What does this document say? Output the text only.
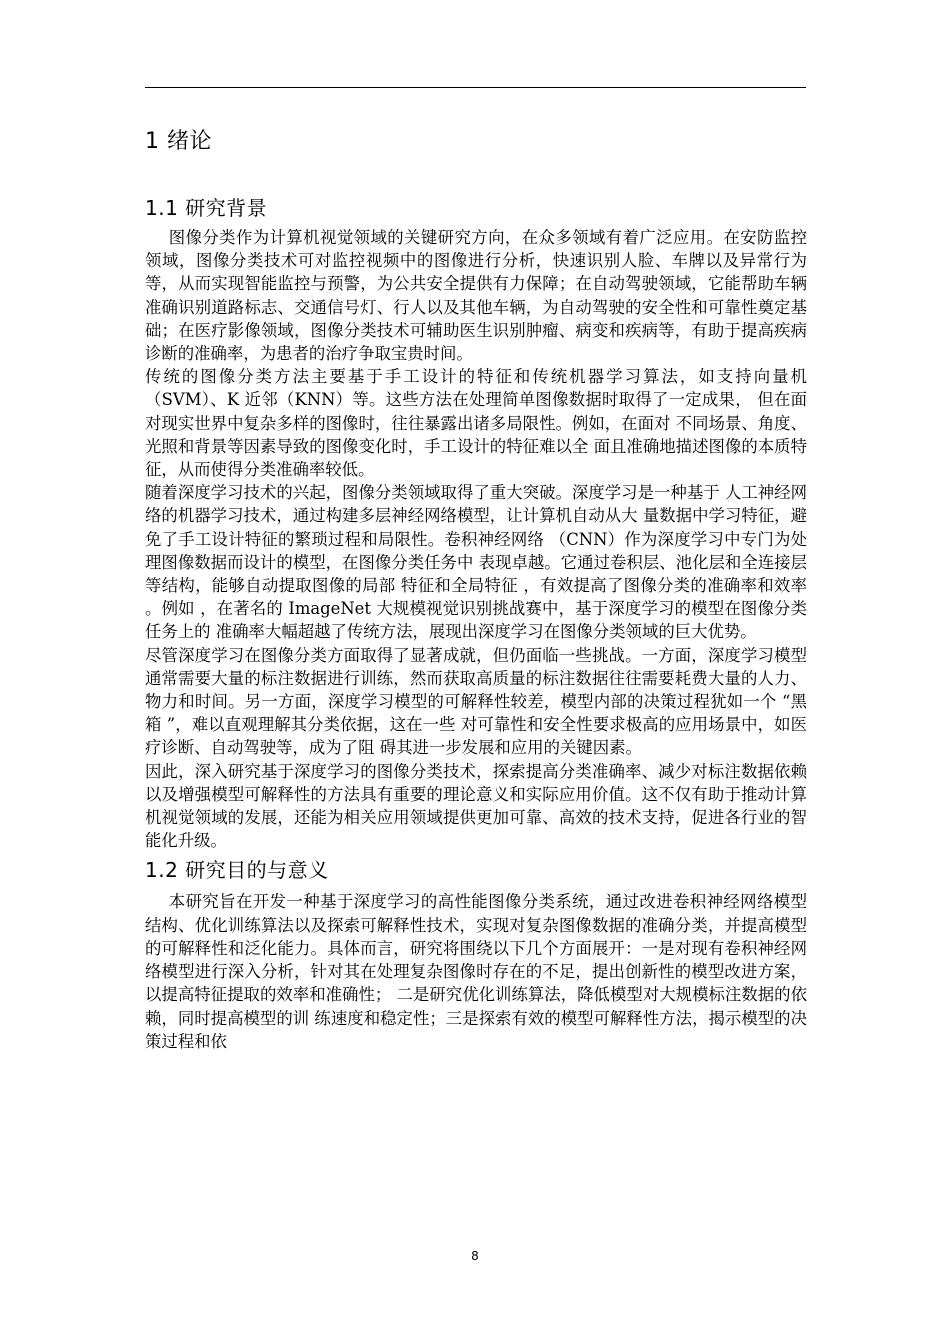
1 绪论
1.1 研究背景

图像分类作为计算机视觉领域的关键研究方向，在众多领域有着广泛应用。在安防监控领域，图像分类技术可对监控视频中的图像进行分析，快速识别人脸、车牌以及异常行为等，从而实现智能监控与预警，为公共安全提供有力保障；在自动驾驶领域，它能帮助车辆准确识别道路标志、交通信号灯、行人以及其他车辆，为自动驾驶的安全性和可靠性奠定基础；在医疗影像领域，图像分类技术可辅助医生识别肿瘤、病变和疾病等，有助于提高疾病诊断的准确率，为患者的治疗争取宝贵时间。

传统的图像分类方法主要基于手工设计的特征和传统机器学习算法，如支持向量机（SVM）、K 近邻（KNN）等。这些方法在处理简单图像数据时取得了一定成果， 但在面对现实世界中复杂多样的图像时，往往暴露出诸多局限性。例如，在面对 不同场景、角度、光照和背景等因素导致的图像变化时，手工设计的特征难以全 面且准确地描述图像的本质特征，从而使得分类准确率较低。

随着深度学习技术的兴起，图像分类领域取得了重大突破。深度学习是一种基于 人工神经网络的机器学习技术，通过构建多层神经网络模型，让计算机自动从大 量数据中学习特征，避免了手工设计特征的繁琐过程和局限性。卷积神经网络 （CNN）作为深度学习中专门为处理图像数据而设计的模型，在图像分类任务中 表现卓越。它通过卷积层、池化层和全连接层等结构，能够自动提取图像的局部 特征和全局特征 ，有效提高了图像分类的准确率和效率 。例如 ，在著名的 ImageNet 大规模视觉识别挑战赛中，基于深度学习的模型在图像分类任务上的 准确率大幅超越了传统方法，展现出深度学习在图像分类领域的巨大优势。

尽管深度学习在图像分类方面取得了显著成就，但仍面临一些挑战。一方面，深度学习模型通常需要大量的标注数据进行训练，然而获取高质量的标注数据往往需要耗费大量的人力、物力和时间。另一方面，深度学习模型的可解释性较差，模型内部的决策过程犹如一个 “黑箱 ”，难以直观理解其分类依据，这在一些 对可靠性和安全性要求极高的应用场景中，如医疗诊断、自动驾驶等，成为了阻 碍其进一步发展和应用的关键因素。

因此，深入研究基于深度学习的图像分类技术，探索提高分类准确率、减少对标注数据依赖以及增强模型可解释性的方法具有重要的理论意义和实际应用价值。这不仅有助于推动计算机视觉领域的发展，还能为相关应用领域提供更加可靠、高效的技术支持，促进各行业的智能化升级。

1.2 研究目的与意义

本研究旨在开发一种基于深度学习的高性能图像分类系统，通过改进卷积神经网络模型结构、优化训练算法以及探索可解释性技术，实现对复杂图像数据的准确分类，并提高模型的可解释性和泛化能力。具体而言，研究将围绕以下几个方面展开：一是对现有卷积神经网络模型进行深入分析，针对其在处理复杂图像时存在的不足，提出创新性的模型改进方案，以提高特征提取的效率和准确性； 二是研究优化训练算法，降低模型对大规模标注数据的依赖，同时提高模型的训 练速度和稳定性；三是探索有效的模型可解释性方法，揭示模型的决策过程和依

8
